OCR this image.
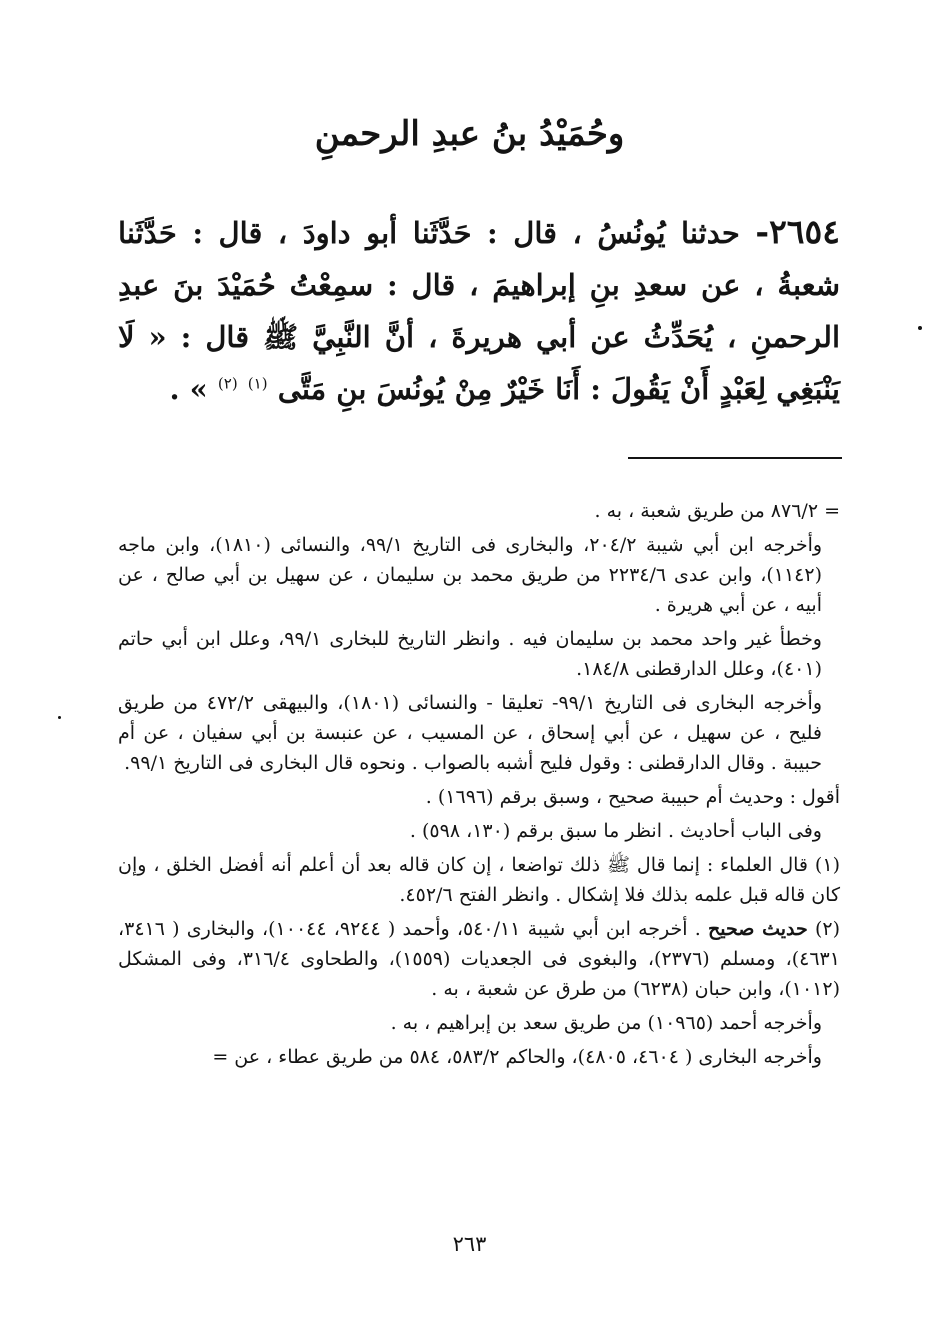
وحُمَيْدُ بنُ عبدِ الرحمنِ
٢٦٥٤- حدثنا يُونُسُ ، قال : حَدَّثَنا أبو داودَ ، قال : حَدَّثَنا شعبةُ ، عن سعدِ بنِ إبراهيمَ ، قال : سمِعْتُ حُمَيْدَ بنَ عبدِ الرحمنِ ، يُحَدِّثُ عن أبي هريرةَ ، أنَّ النَّبِيَّ ﷺ قال : « لَا يَنْبَغِي لِعَبْدٍ أَنْ يَقُولَ : أَنَا خَيْرٌ مِنْ يُونُسَ بنِ مَتَّى $^{(١)}$ $^{(٢)}$ » .

= ٨٧٦/٢ من طريق شعبة ، به .

وأخرجه ابن أبي شيبة ٢٠٤/٢، والبخارى فى التاريخ ٩٩/١، والنسائى (١٨١٠)، وابن ماجه (١١٤٢)، وابن عدى ٢٢٣٤/٦ من طريق محمد بن سليمان ، عن سهيل بن أبي صالح ، عن أبيه ، عن أبي هريرة .

وخطأ غير واحد محمد بن سليمان فيه . وانظر التاريخ للبخارى ٩٩/١، وعلل ابن أبي حاتم (٤٠١)، وعلل الدارقطنى ١٨٤/٨.

وأخرجه البخارى فى التاريخ ٩٩/١- تعليقا - والنسائى (١٨٠١)، والبيهقى ٤٧٢/٢ من طريق فليح ، عن سهيل ، عن أبي إسحاق ، عن المسيب ، عن عنبسة بن أبي سفيان ، عن أم حبيبة . وقال الدارقطنى : وقول فليح أشبه بالصواب . ونحوه قال البخارى فى التاريخ ٩٩/١.

أقول : وحديث أم حبيبة صحيح ، وسبق برقم (١٦٩٦) .

وفى الباب أحاديث . انظر ما سبق برقم (١٣٠، ٥٩٨) .

(١) قال العلماء : إنما قال ﷺ ذلك تواضعا ، إن كان قاله بعد أن أعلم أنه أفضل الخلق ، وإن كان قاله قبل علمه بذلك فلا إشكال . وانظر الفتح ٤٥٢/٦.

(٢) حديث صحيح . أخرجه ابن أبي شيبة ٥٤٠/١١، وأحمد ( ٩٢٤٤، ١٠٠٤٤)، والبخارى ( ٣٤١٦، ٤٦٣١)، ومسلم (٢٣٧٦)، والبغوى فى الجعديات (١٥٥٩)، والطحاوى ٣١٦/٤، وفى المشكل (١٠١٢)، وابن حبان (٦٢٣٨) من طرق عن شعبة ، به .

وأخرجه أحمد (١٠٩٦٥) من طريق سعد بن إبراهيم ، به .

وأخرجه البخارى ( ٤٦٠٤، ٤٨٠٥)، والحاكم ٥٨٣/٢، ٥٨٤ من طريق عطاء ، عن =

٢٦٣
